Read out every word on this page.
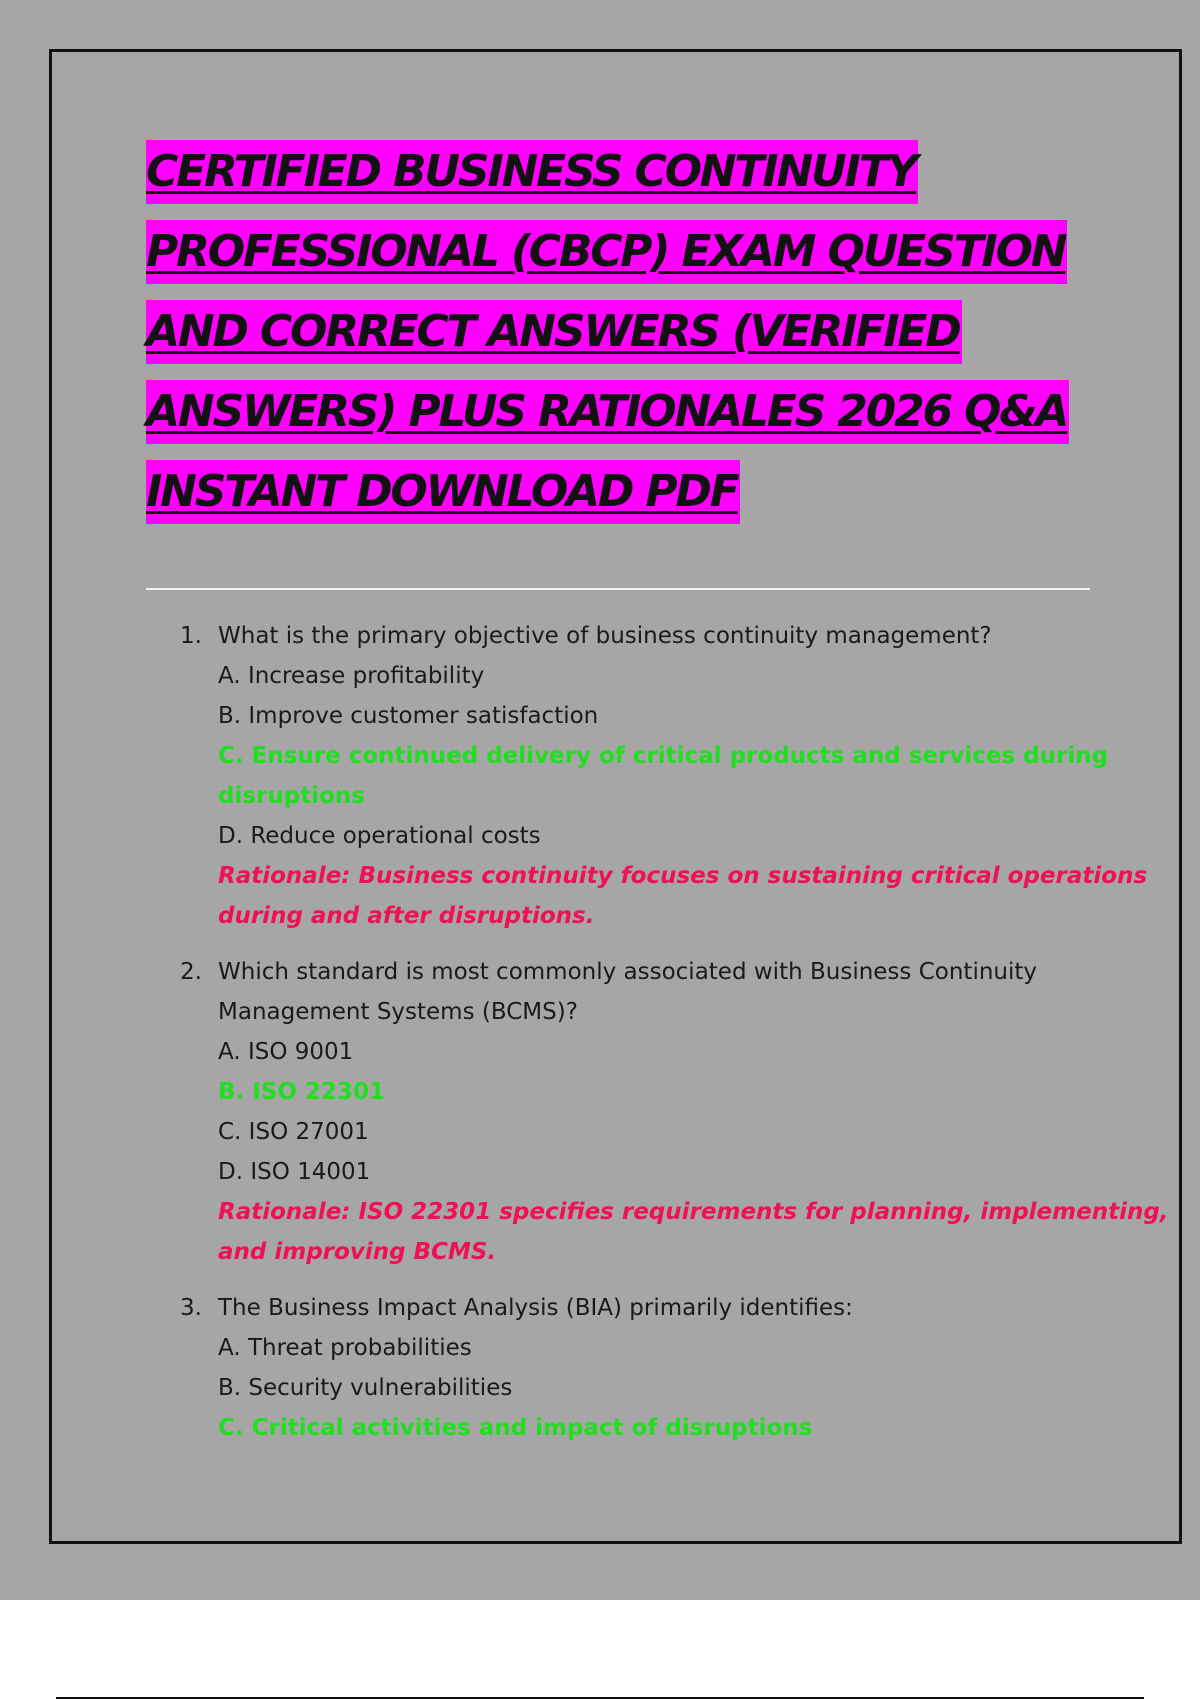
CERTIFIED BUSINESS CONTINUITY
PROFESSIONAL (CBCP) EXAM QUESTION
AND CORRECT ANSWERS (VERIFIED
ANSWERS) PLUS RATIONALES 2026 Q&A
INSTANT DOWNLOAD PDF
1. What is the primary objective of business continuity management?
A. Increase profitability
B. Improve customer satisfaction
C. Ensure continued delivery of critical products and services during
disruptions
D. Reduce operational costs
Rationale: Business continuity focuses on sustaining critical operations
during and after disruptions.
2. Which standard is most commonly associated with Business Continuity
Management Systems (BCMS)?
A. ISO 9001
B. ISO 22301
C. ISO 27001
D. ISO 14001
Rationale: ISO 22301 specifies requirements for planning, implementing,
and improving BCMS.
3. The Business Impact Analysis (BIA) primarily identifies:
A. Threat probabilities
B. Security vulnerabilities
C. Critical activities and impact of disruptions
